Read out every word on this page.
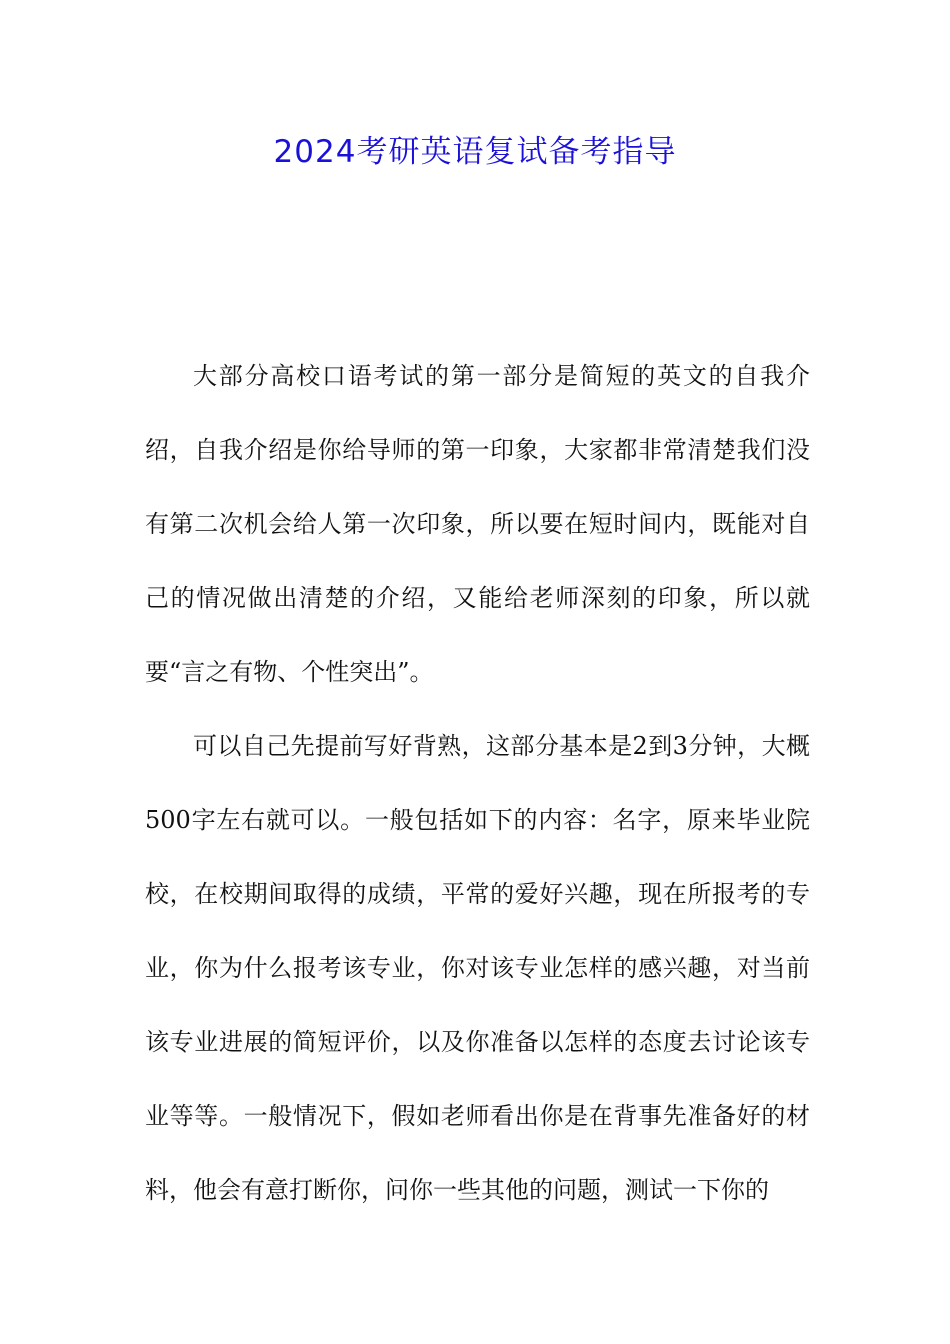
2024考研英语复试备考指导

大部分高校口语考试的第一部分是简短的英文的自我介绍，自我介绍是你给导师的第一印象，大家都非常清楚我们没有第二次机会给人第一次印象，所以要在短时间内，既能对自己的情况做出清楚的介绍，又能给老师深刻的印象，所以就要“言之有物、个性突出”。

可以自己先提前写好背熟，这部分基本是2到3分钟，大概500字左右就可以。一般包括如下的内容：名字，原来毕业院校，在校期间取得的成绩，平常的爱好兴趣，现在所报考的专业，你为什么报考该专业，你对该专业怎样的感兴趣，对当前该专业进展的简短评价，以及你准备以怎样的态度去讨论该专业等等。一般情况下，假如老师看出你是在背事先准备好的材料，他会有意打断你，问你一些其他的问题，测试一下你的
